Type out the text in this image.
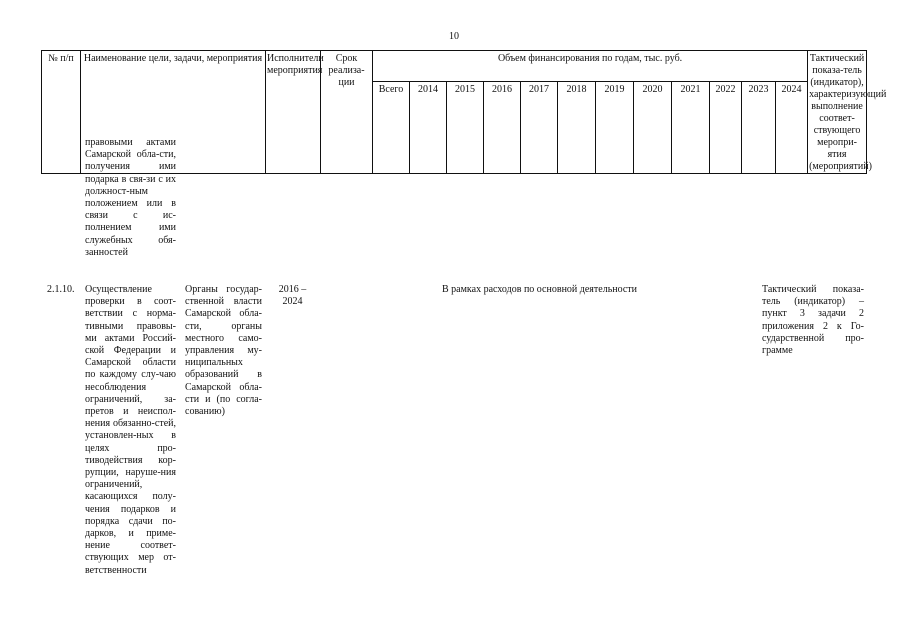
10
№ п/п	Наименование цели, задачи, мероприятия	Исполнители мероприятия	Срок реализа-ции	Объем финансирования по годам, тыс. руб.												Тактический показа-тель (индикатор), характеризующий выполнение соответ-ствующего меропри-ятия (мероприятий)
				Всего	2014	2015	2016	2017	2018	2019	2020	2021	2022	2023	2024	
	правовыми актами Самарской обла-сти, получения ими подарка в свя-зи с их должност-ным положением или в связи с ис-полнением ими служебных обя-занностей				
2.1.10.	Осуществление проверки в соот-ветствии с норма-тивными правовы-ми актами Россий-ской Федерации и Самарской области по каждому слу-чаю несоблюдения ограничений, за-претов и неиспол-нения обязанно-стей, установлен-ных в целях про-тиводействия кор-рупции, наруше-ния ограничений, касающихся полу-чения подарков и порядка сдачи по-дарков, и приме-нение соответ-ствующих мер от-ветственности	Органы государ-ственной власти Самарской обла-сти, органы местного само-управления му-ниципальных образований в Самарской обла-сти и (по согла-сованию)	2016 – 2024	В рамках расходов по основной деятельности	Тактический показа-тель (индикатор) – пункт 3 задачи 2 приложения 2 к Го-сударственной про-грамме
